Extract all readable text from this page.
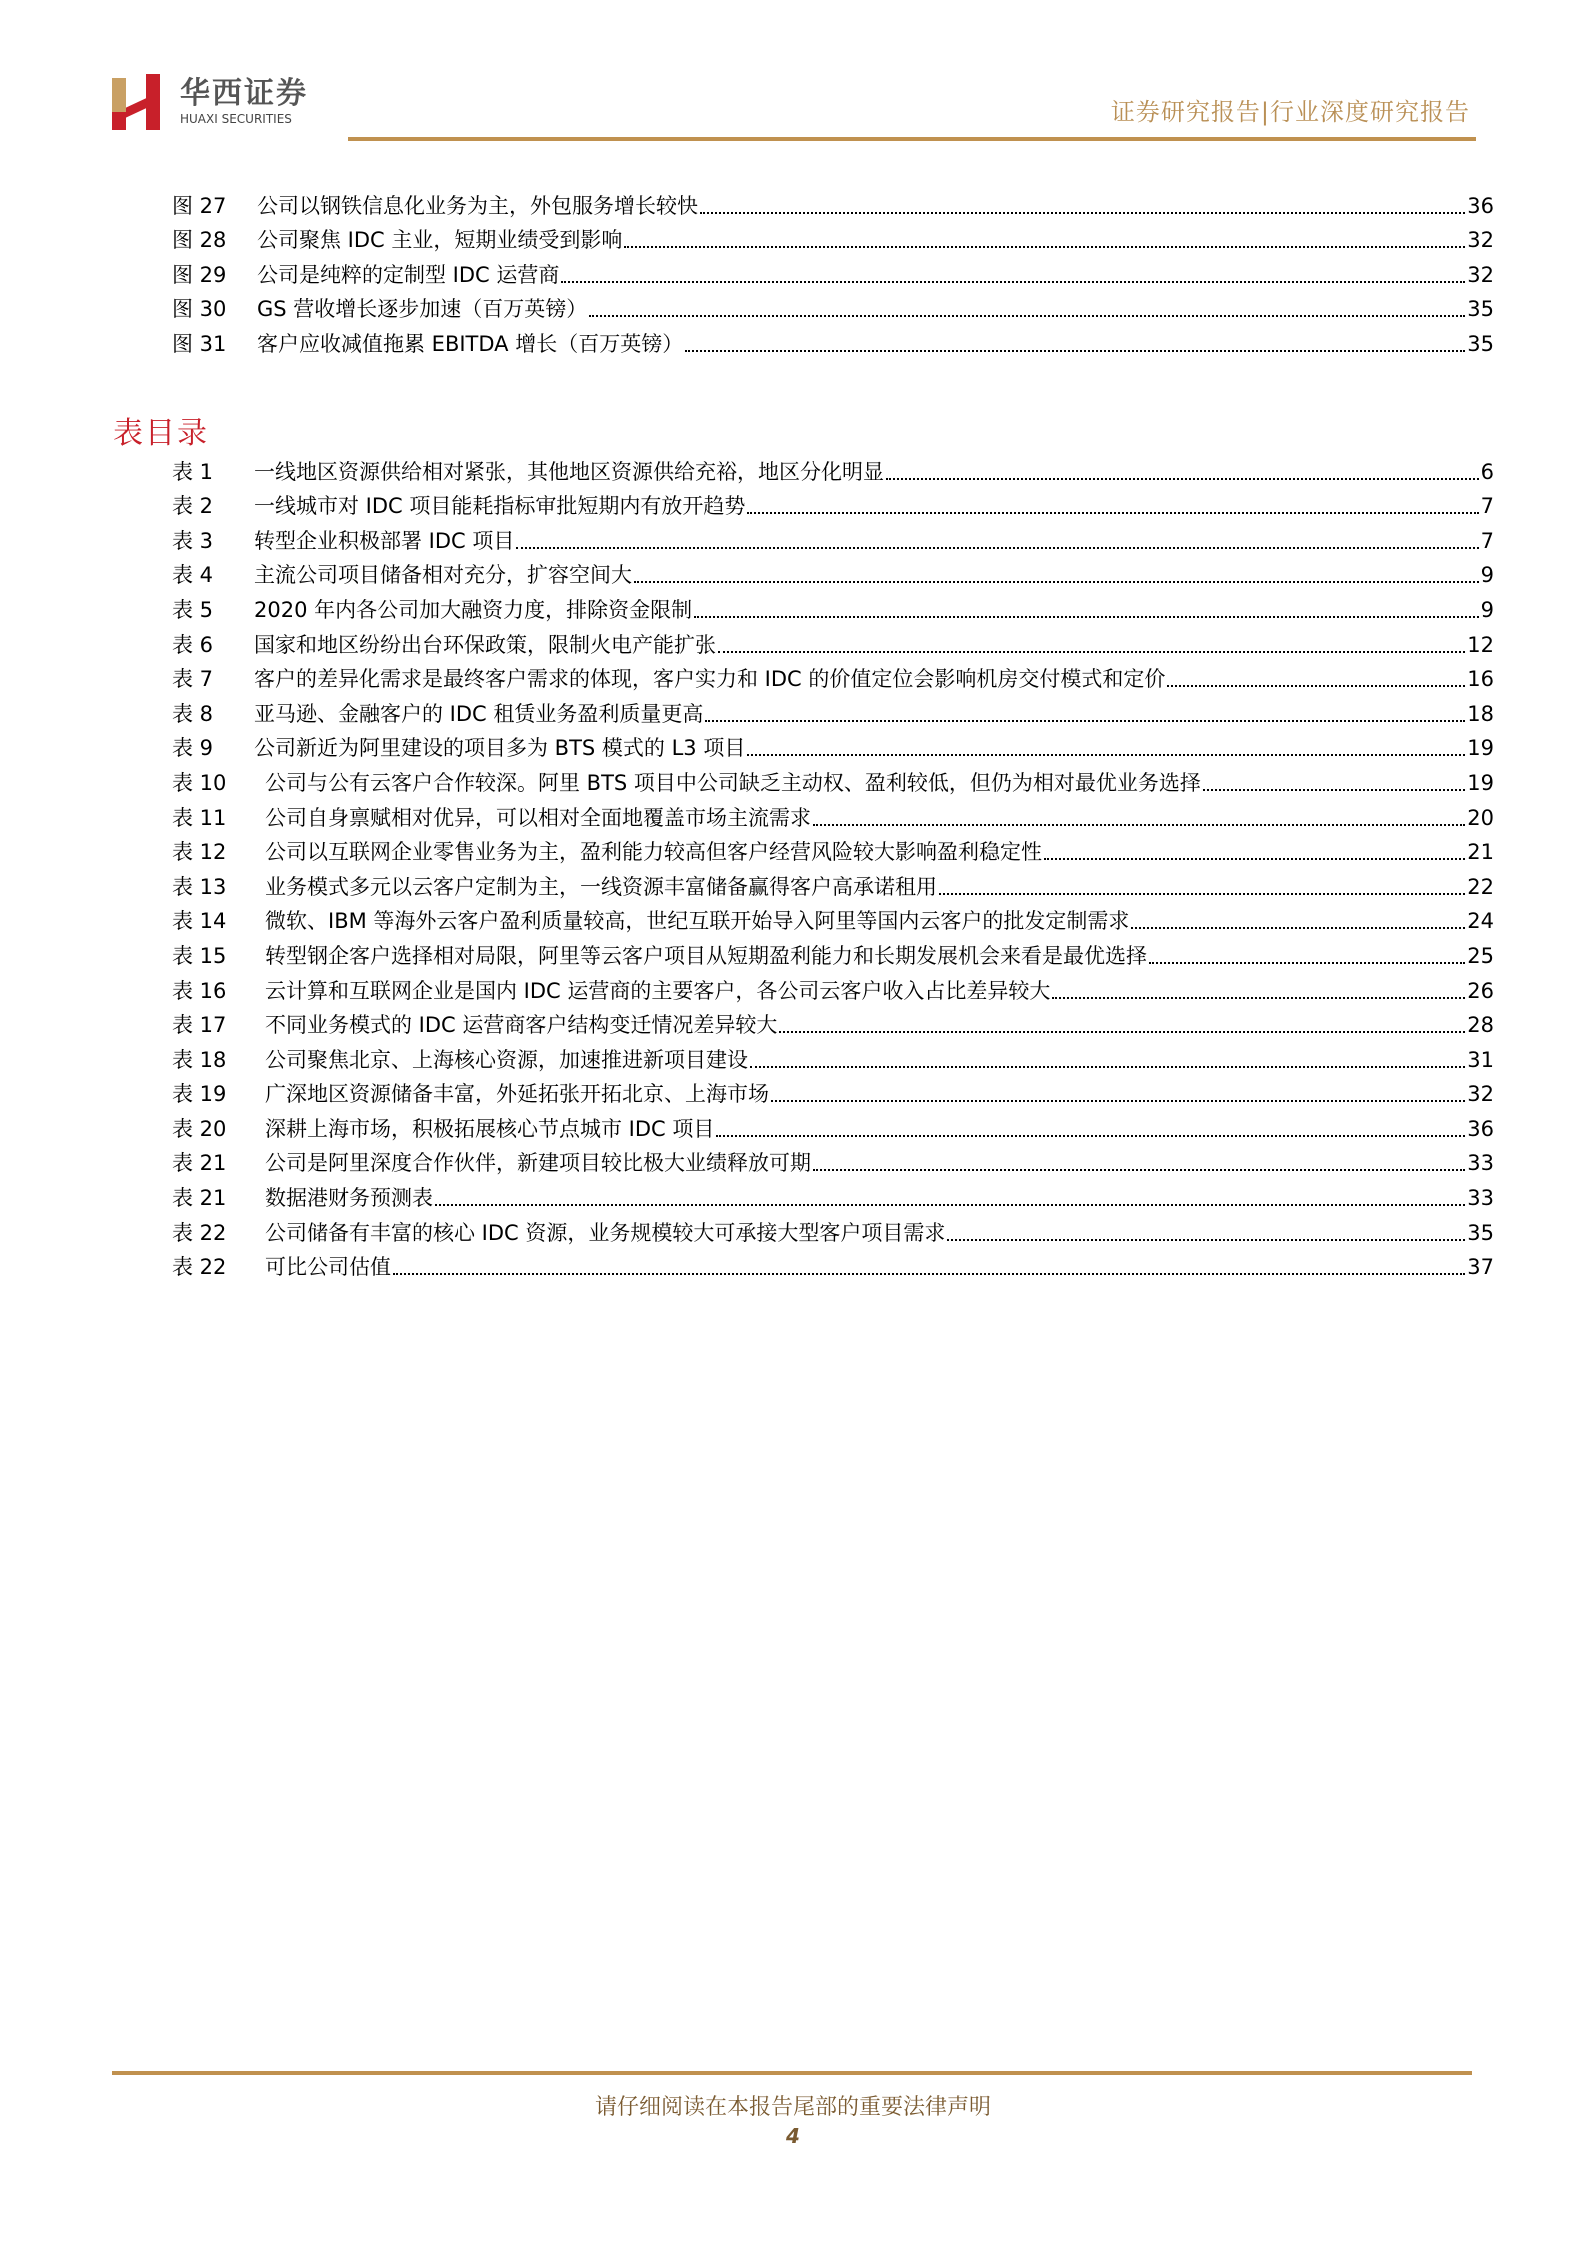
华西证券
HUAXI SECURITIES	证券研究报告|行业深度研究报告
图 27	公司以钢铁信息化业务为主，外包服务增长较快	36
图 28	公司聚焦 IDC 主业，短期业绩受到影响	32
图 29	公司是纯粹的定制型 IDC 运营商	32
图 30	GS 营收增长逐步加速（百万英镑）	35
图 31	客户应收减值拖累 EBITDA 增长（百万英镑）	35
表目录
表 1	一线地区资源供给相对紧张，其他地区资源供给充裕，地区分化明显	6
表 2	一线城市对 IDC 项目能耗指标审批短期内有放开趋势	7
表 3	转型企业积极部署 IDC 项目	7
表 4	主流公司项目储备相对充分，扩容空间大	9
表 5	2020 年内各公司加大融资力度，排除资金限制	9
表 6	国家和地区纷纷出台环保政策，限制火电产能扩张	12
表 7	客户的差异化需求是最终客户需求的体现，客户实力和 IDC 的价值定位会影响机房交付模式和定价	16
表 8	亚马逊、金融客户的 IDC 租赁业务盈利质量更高	18
表 9	公司新近为阿里建设的项目多为 BTS 模式的 L3 项目	19
表 10	公司与公有云客户合作较深。阿里 BTS 项目中公司缺乏主动权、盈利较低，但仍为相对最优业务选择	19
表 11	公司自身禀赋相对优异，可以相对全面地覆盖市场主流需求	20
表 12	公司以互联网企业零售业务为主，盈利能力较高但客户经营风险较大影响盈利稳定性	21
表 13	业务模式多元以云客户定制为主，一线资源丰富储备赢得客户高承诺租用	22
表 14	微软、IBM 等海外云客户盈利质量较高，世纪互联开始导入阿里等国内云客户的批发定制需求	24
表 15	转型钢企客户选择相对局限，阿里等云客户项目从短期盈利能力和长期发展机会来看是最优选择	25
表 16	云计算和互联网企业是国内 IDC 运营商的主要客户，各公司云客户收入占比差异较大	26
表 17	不同业务模式的 IDC 运营商客户结构变迁情况差异较大	28
表 18	公司聚焦北京、上海核心资源，加速推进新项目建设	31
表 19	广深地区资源储备丰富，外延拓张开拓北京、上海市场	32
表 20	深耕上海市场，积极拓展核心节点城市 IDC 项目	36
表 21	公司是阿里深度合作伙伴，新建项目较比极大业绩释放可期	33
表 21	数据港财务预测表	33
表 22	公司储备有丰富的核心 IDC 资源，业务规模较大可承接大型客户项目需求	35
表 22	可比公司估值	37
请仔细阅读在本报告尾部的重要法律声明
4
